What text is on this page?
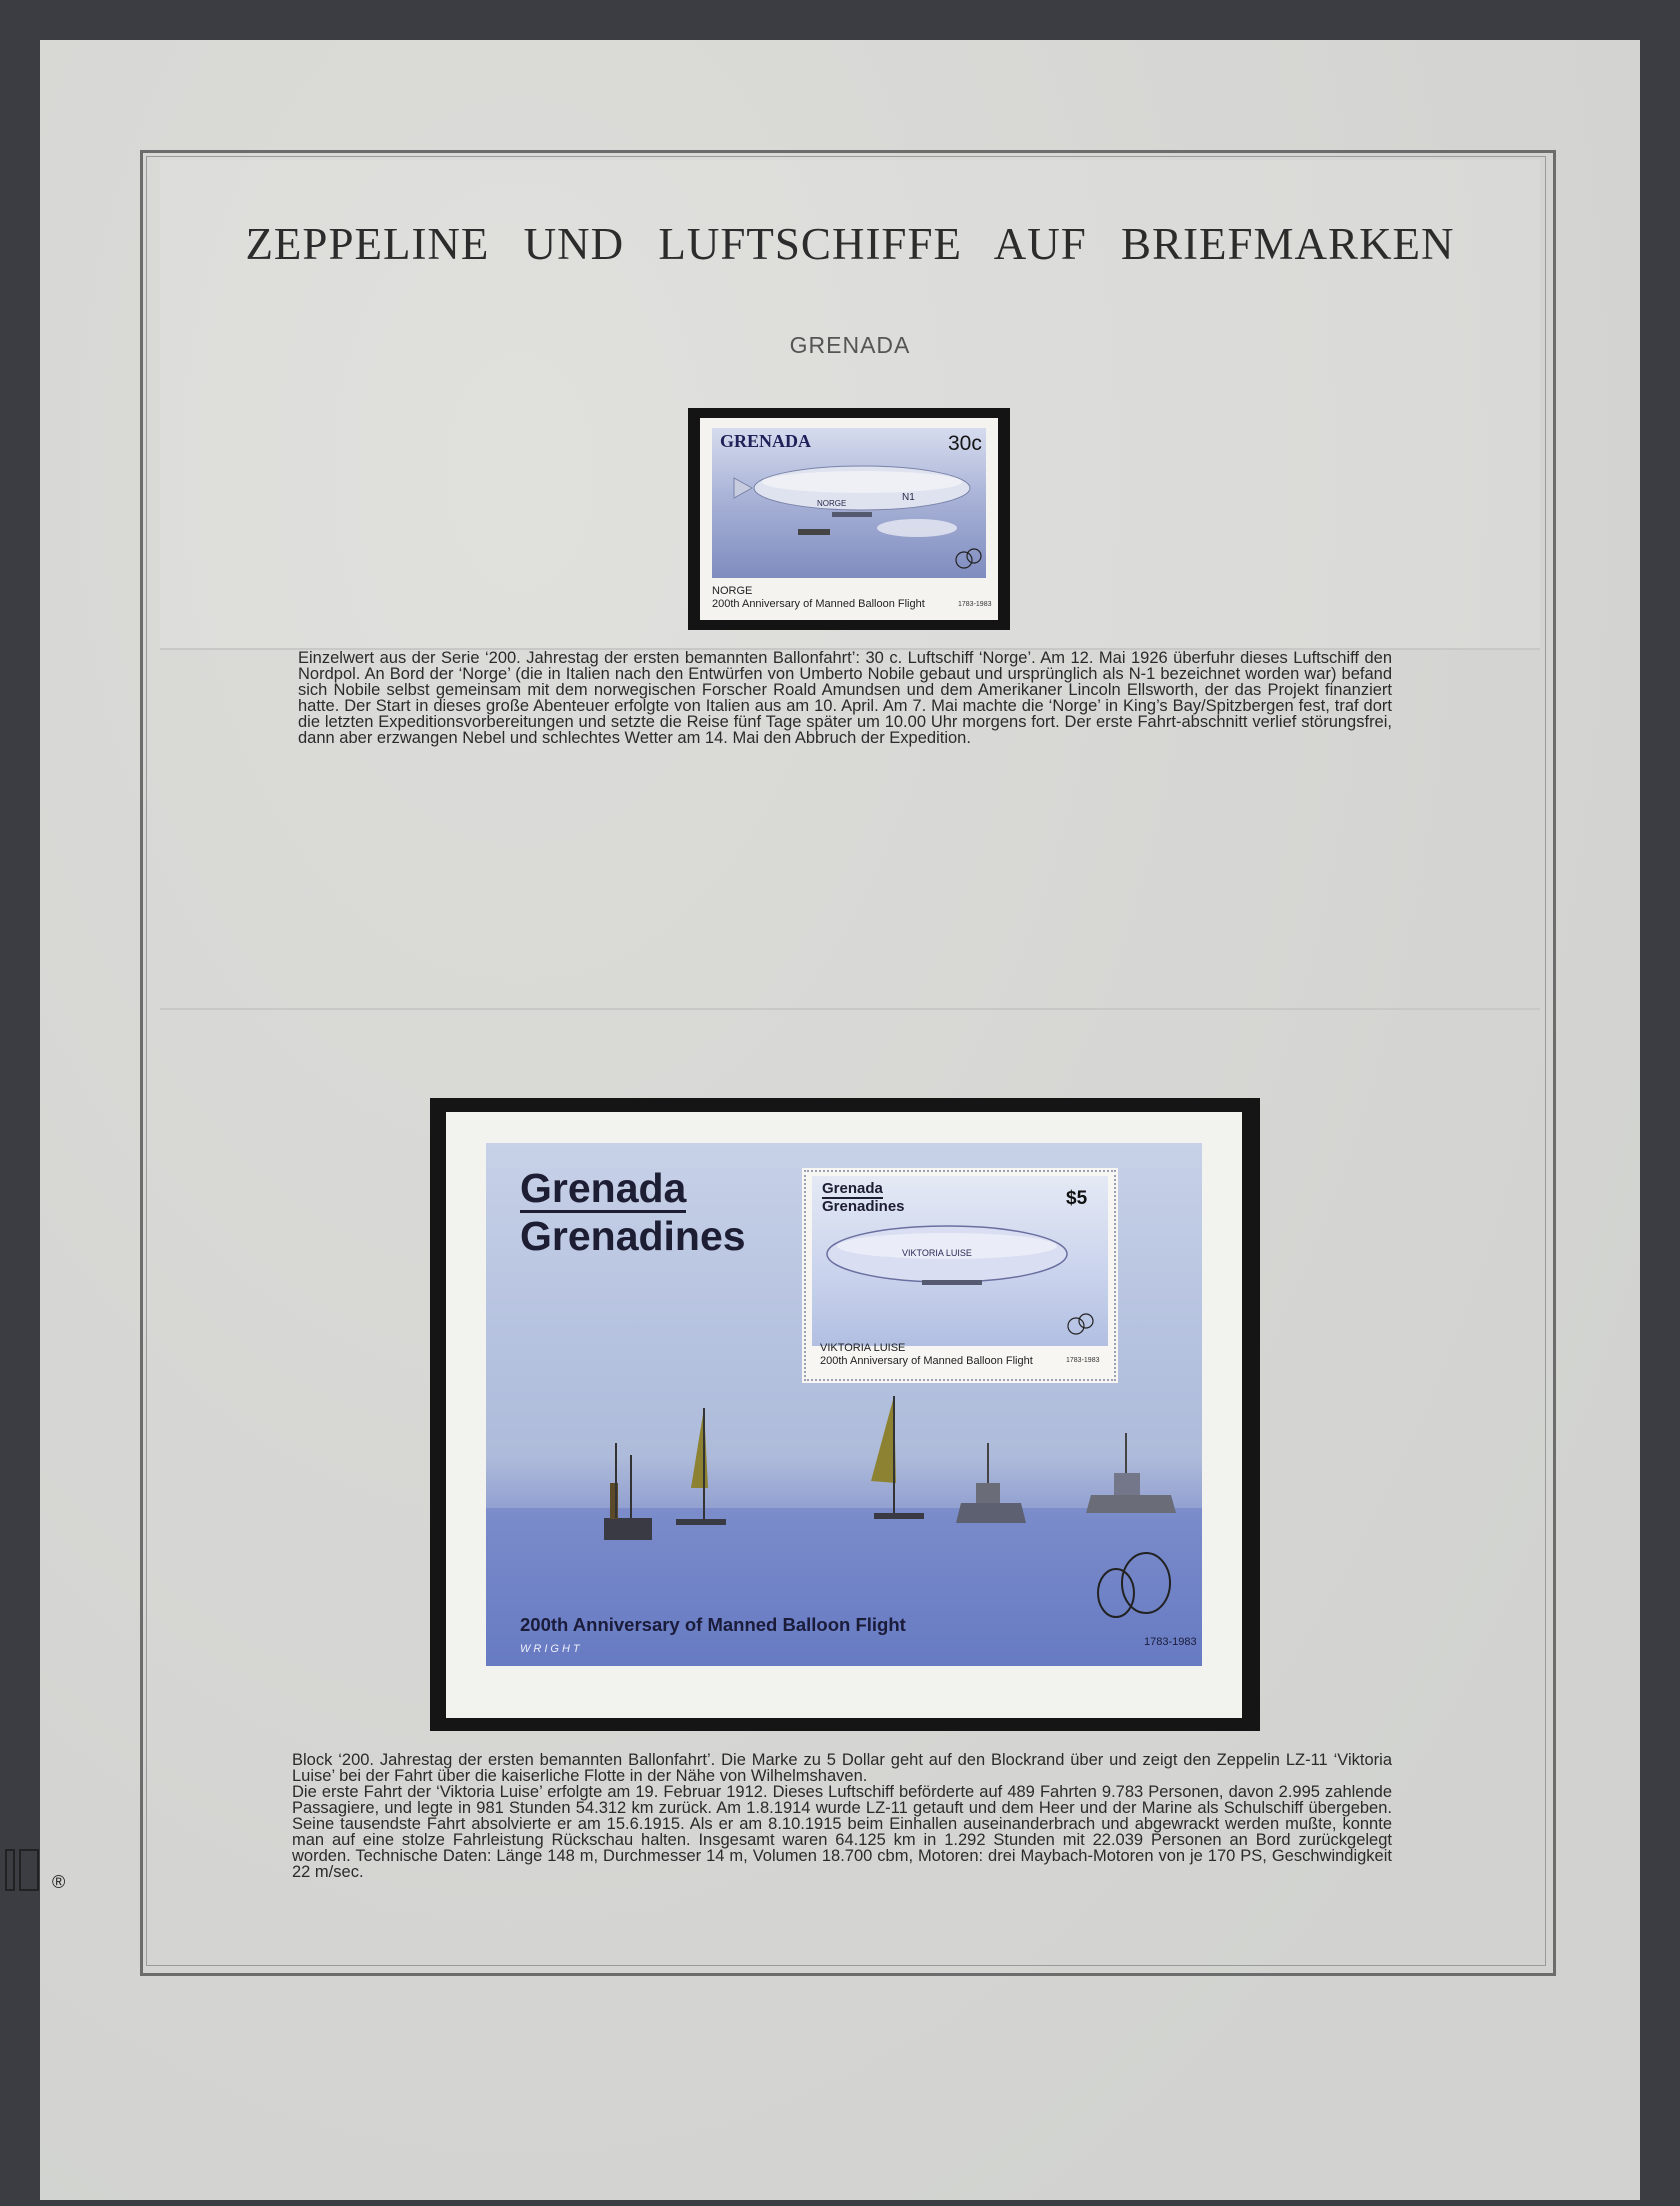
ZEPPELINE UND LUFTSCHIFFE AUF BRIEFMARKEN
GRENADA
N1
NORGE
GRENADA	30c
NORGE
200th Anniversary of Manned Balloon Flight	1783-1983
Einzelwert aus der Serie ‘200. Jahrestag der ersten bemannten Ballonfahrt’: 30 c. Luftschiff ‘Norge’. Am 12. Mai 1926 überfuhr dieses Luftschiff den Nordpol. An Bord der ‘Norge’ (die in Italien nach den Entwürfen von Umberto Nobile gebaut und ursprünglich als N-1 bezeichnet worden war) befand sich Nobile selbst gemeinsam mit dem norwegischen Forscher Roald Amundsen und dem Amerikaner Lincoln Ellsworth, der das Projekt finanziert hatte. Der Start in dieses große Abenteuer erfolgte von Italien aus am 10. April. Am 7. Mai machte die ‘Norge’ in King’s Bay/Spitzbergen fest, traf dort die letzten Expeditionsvorbereitungen und setzte die Reise fünf Tage später um 10.00 Uhr morgens fort. Der erste Fahrt-abschnitt verlief störungsfrei, dann aber erzwangen Nebel und schlechtes Wetter am 14. Mai den Abbruch der Expedition.
Grenada
Grenadines	VIKTORIA LUISE
Grenada
Grenadines	$5
VIKTORIA LUISE
200th Anniversary of Manned Balloon Flight	1783-1983
200th Anniversary of Manned Balloon Flight
WRIGHT
1783-1983
Block ‘200. Jahrestag der ersten bemannten Ballonfahrt’. Die Marke zu 5 Dollar geht auf den Blockrand über und zeigt den Zeppelin LZ-11 ‘Viktoria Luise’ bei der Fahrt über die kaiserliche Flotte in der Nähe von Wilhelmshaven.
Die erste Fahrt der ‘Viktoria Luise’ erfolgte am 19. Februar 1912. Dieses Luftschiff beförderte auf 489 Fahrten 9.783 Personen, davon 2.995 zahlende Passagiere, und legte in 981 Stunden 54.312 km zurück. Am 1.8.1914 wurde LZ-11 getauft und dem Heer und der Marine als Schulschiff übergeben. Seine tausendste Fahrt absolvierte er am 15.6.1915. Als er am 8.10.1915 beim Einhallen auseinanderbrach und abgewrackt werden mußte, konnte man auf eine stolze Fahrleistung Rückschau halten. Insgesamt waren 64.125 km in 1.292 Stunden mit 22.039 Personen an Bord zurückgelegt worden. Technische Daten: Länge 148 m, Durchmesser 14 m, Volumen 18.700 cbm, Motoren: drei Maybach-Motoren von je 170 PS, Geschwindigkeit 22 m/sec.
®
